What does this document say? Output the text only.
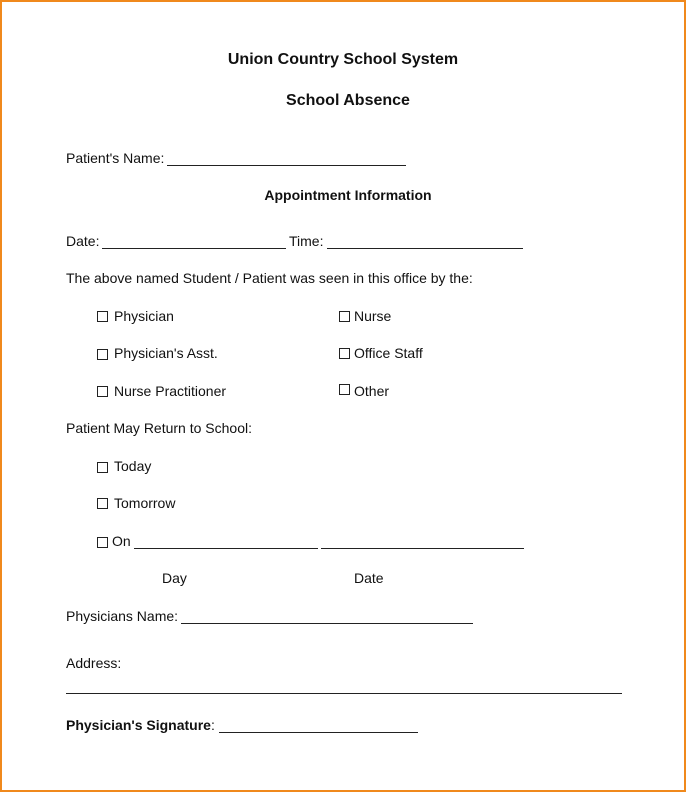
Union Country School System
School Absence
Patient's Name:
Appointment Information
Date:	Time:
The above named Student / Patient was seen in this office by the:
Physician
Physician's Asst.
Nurse Practitioner
Nurse
Office Staff
Other
Patient May Return to School:
Today
Tomorrow
On
Day	Date
Physicians Name:
Address:
Physician's Signature:
